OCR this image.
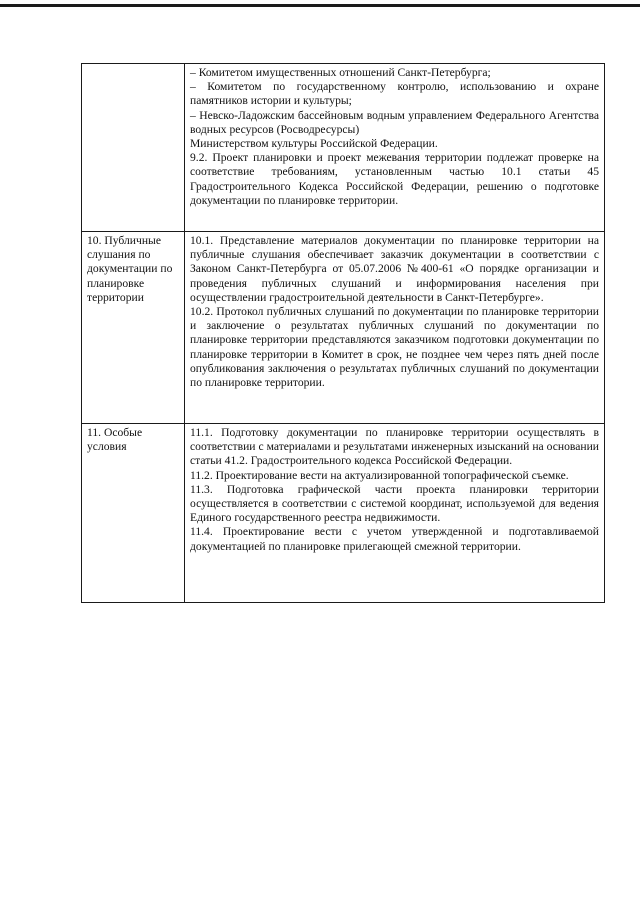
	– Комитетом имущественных отношений Санкт-Петербурга;

– Комитетом по государственному контролю, использованию и охране памятников истории и культуры;

– Невско-Ладожским бассейновым водным управлением Федерального Агентства водных ресурсов (Росводресурсы)

Министерством культуры Российской Федерации.

9.2. Проект планировки и проект межевания территории подлежат проверке на соответствие требованиям, установленным частью 10.1 статьи 45 Градостроительного Кодекса Российской Федерации, решению о подготовке документации по планировке территории.

10. Публичные слушания по документации по планировке территории	10.1. Представление материалов документации по планировке территории на публичные слушания обеспечивает заказчик документации в соответствии с Законом Санкт-Петербурга от 05.07.2006 №400-61 «О порядке организации и проведения публичных слушаний и информирования населения при осуществлении градостроительной деятельности в Санкт-Петербурге».

10.2. Протокол публичных слушаний по документации по планировке территории и заключение о результатах публичных слушаний по документации по планировке территории представляются заказчиком подготовки документации по планировке территории в Комитет в срок, не позднее чем через пять дней после опубликования заключения о результатах публичных слушаний по документации по планировке территории.

11. Особые условия	11.1. Подготовку документации по планировке территории осуществлять в соответствии с материалами и результатами инженерных изысканий на основании статьи 41.2. Градостроительного кодекса Российской Федерации.

11.2. Проектирование вести на актуализированной топографической съемке.

11.3. Подготовка графической части проекта планировки территории осуществляется в соответствии с системой координат, используемой для ведения Единого государственного реестра недвижимости.

11.4. Проектирование вести с учетом утвержденной и подготавливаемой документацией по планировке прилегающей смежной территории.
